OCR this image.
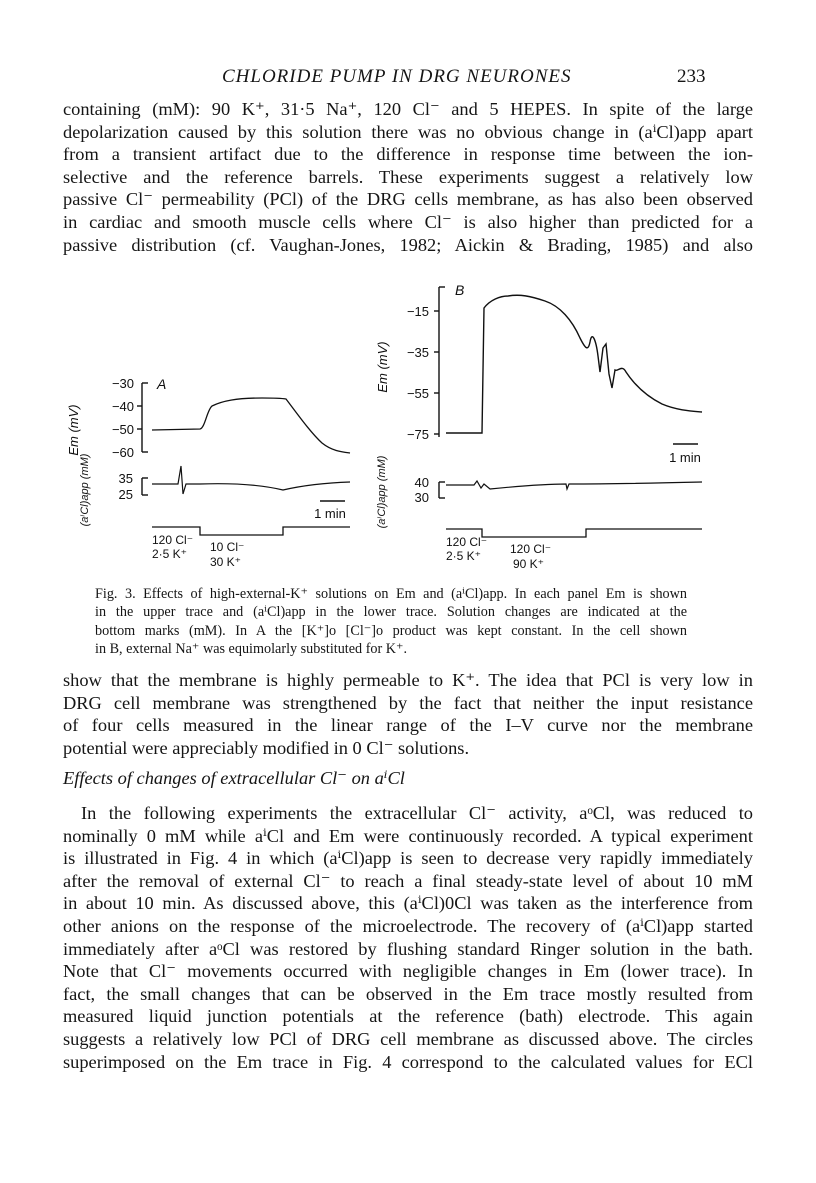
CHLORIDE PUMP IN DRG NEURONES	233
containing (mM): 90 K⁺, 31·5 Na⁺, 120 Cl⁻ and 5 HEPES. In spite of the large
depolarization caused by this solution there was no obvious change in (aⁱCl)app apart
from a transient artifact due to the difference in response time between the ion-
selective and the reference barrels. These experiments suggest a relatively low
passive Cl⁻ permeability (PCl) of the DRG cells membrane, as has also been observed
in cardiac and smooth muscle cells where Cl⁻ is also higher than predicted for a
passive distribution (cf. Vaughan-Jones, 1982; Aickin & Brading, 1985) and also
A
Em (mV)
−30
−40
−50
−60
(aⁱCl)app (mM) 35
25
1 min
120 Cl⁻
2·5 K⁺ 10 Cl⁻
30 K⁺
B
Em (mV)
−15
−35
−55
−75
1 min
(aⁱCl)app (mM) 40
30
120 Cl⁻
2·5 K⁺ 120 Cl⁻
90 K⁺
Fig. 3. Effects of high-external-K⁺ solutions on Em and (aⁱCl)app. In each panel Em is shown
in the upper trace and (aⁱCl)app in the lower trace. Solution changes are indicated at the
bottom marks (mM). In A the [K⁺]o [Cl⁻]o product was kept constant. In the cell shown
in B, external Na⁺ was equimolarly substituted for K⁺.
show that the membrane is highly permeable to K⁺. The idea that PCl is very low in
DRG cell membrane was strengthened by the fact that neither the input resistance
of four cells measured in the linear range of the I–V curve nor the membrane
potential were appreciably modified in 0 Cl⁻ solutions.
Effects of changes of extracellular Cl⁻ on aⁱCl
In the following experiments the extracellular Cl⁻ activity, aᵒCl, was reduced to
nominally 0 mM while aⁱCl and Em were continuously recorded. A typical experiment
is illustrated in Fig. 4 in which (aⁱCl)app is seen to decrease very rapidly immediately
after the removal of external Cl⁻ to reach a final steady-state level of about 10 mM
in about 10 min. As discussed above, this (aⁱCl)0Cl was taken as the interference from
other anions on the response of the microelectrode. The recovery of (aⁱCl)app started
immediately after aᵒCl was restored by flushing standard Ringer solution in the bath.
Note that Cl⁻ movements occurred with negligible changes in Em (lower trace). In
fact, the small changes that can be observed in the Em trace mostly resulted from
measured liquid junction potentials at the reference (bath) electrode. This again
suggests a relatively low PCl of DRG cell membrane as discussed above. The circles
superimposed on the Em trace in Fig. 4 correspond to the calculated values for ECl
